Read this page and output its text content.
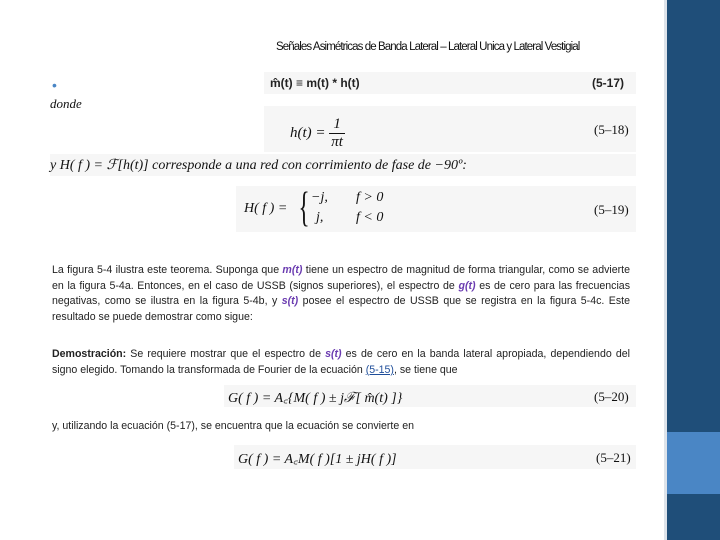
Señales Asimétricas de Banda Lateral – Lateral Unica y Lateral Vestigial
•	m̂(t) ≡ m(t) * h(t)	(5-17)
donde
$h(t) = \frac{1}{\pi t}$	(5–18)
y H( f ) = ℱ[h(t)] corresponde a una red con corrimiento de fase de −90º:
H( f ) = { −j, f > 0
j, f < 0
(5–19)
La figura 5-4 ilustra este teorema. Suponga que m(t) tiene un espectro de magnitud de forma triangular, como se advierte en la figura 5-4a. Entonces, en el caso de USSB (signos superiores), el espectro de g(t) es de cero para las frecuencias negativas, como se ilustra en la figura 5-4b, y s(t) posee el espectro de USSB que se registra en la figura 5-4c. Este resultado se puede demostrar como sigue:
Demostración: Se requiere mostrar que el espectro de s(t) es de cero en la banda lateral apropiada, dependiendo del signo elegido. Tomando la transformada de Fourier de la ecuación (5-15), se tiene que
G( f ) = A꜀{M( f ) ± jℱ[ m̂(t) ]}	(5–20)
y, utilizando la ecuación (5-17), se encuentra que la ecuación se convierte en
G( f ) = A꜀M( f )[1 ± jH( f )]	(5–21)
